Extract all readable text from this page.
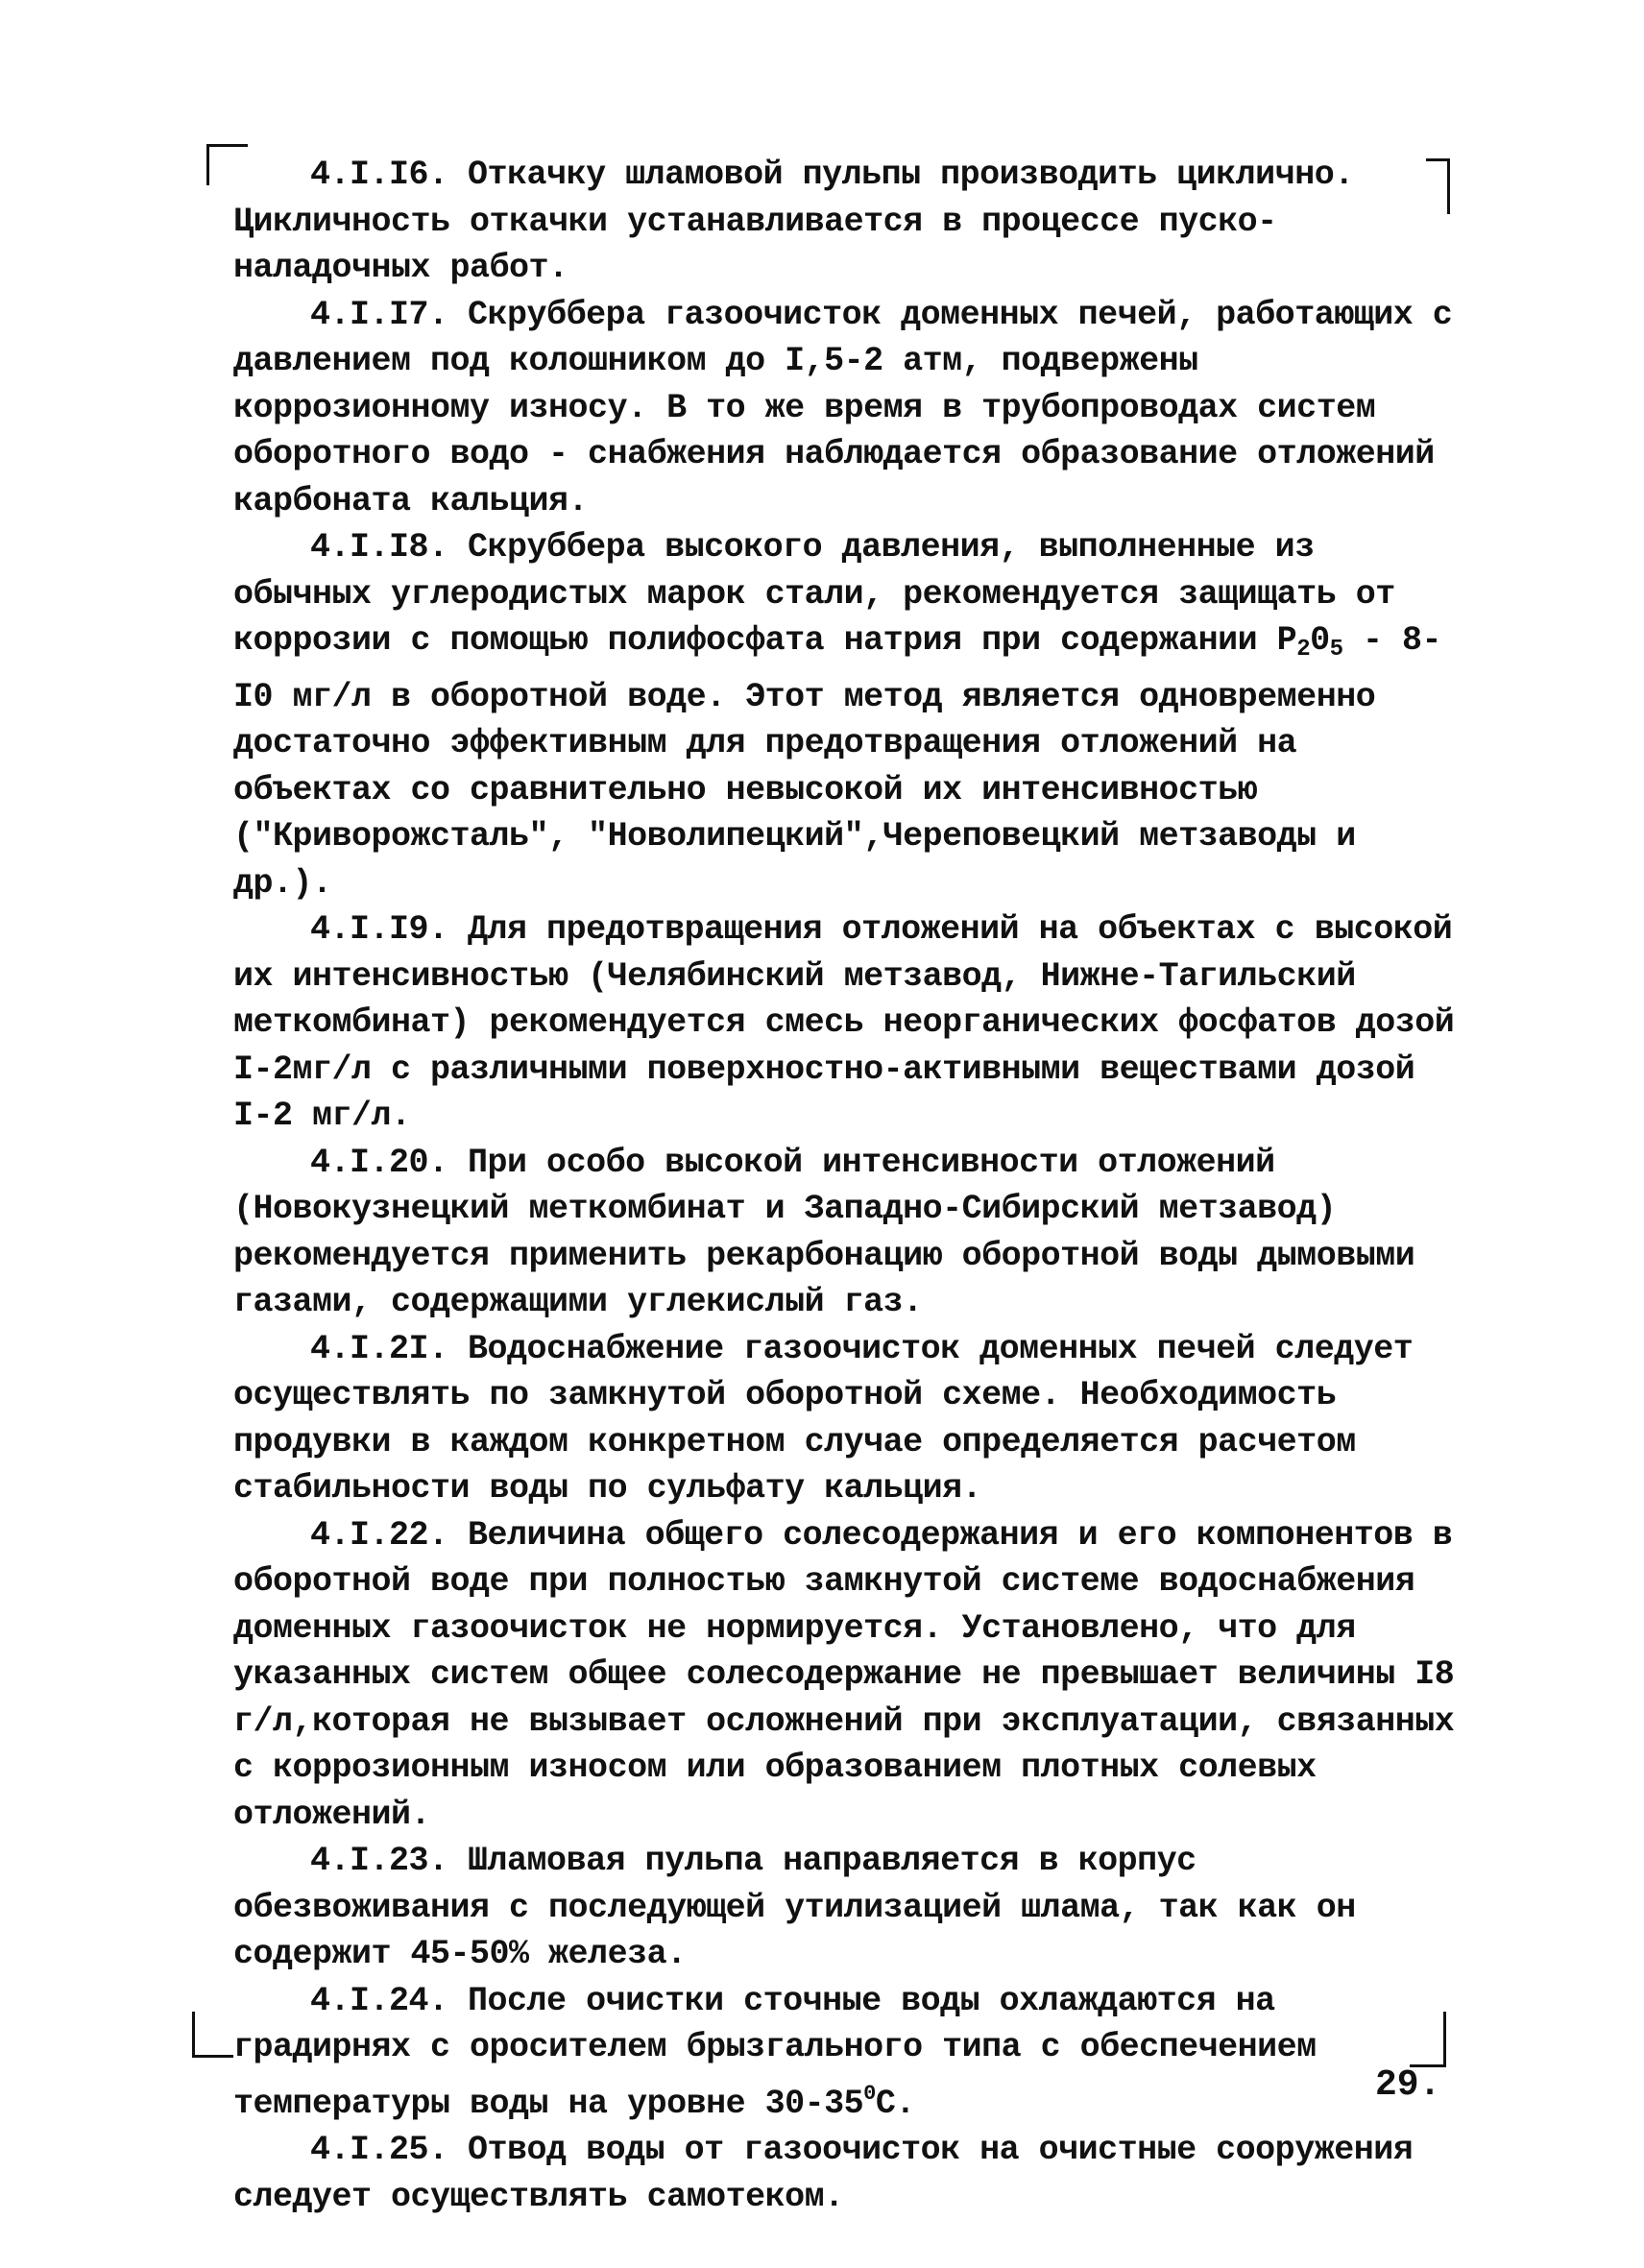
4.I.I6. Откачку шламовой пульпы производить циклично. Цикличность откачки устанавливается в процессе пуско-наладочных работ.

4.I.I7. Скруббера газоочисток доменных печей, работающих с давлением под колошником до I,5-2 атм, подвержены коррозионному износу. В то же время в трубопроводах систем оборотного водо - снабжения наблюдается образование отложений карбоната кальция.

4.I.I8. Скруббера высокого давления, выполненные из обычных углеродистых марок стали, рекомендуется защищать от коррозии с помощью полифосфата натрия при содержании $P_20_5 - 8-I0$ мг/л в оборотной воде. Этот метод является одновременно достаточно эффективным для предотвращения отложений на объектах со сравнительно невысокой их интенсивностью ("Криворожсталь", "Новолипецкий",Череповецкий метзаводы и др.).

4.I.I9. Для предотвращения отложений на объектах с высокой их интенсивностью (Челябинский метзавод, Нижне-Тагильский меткомбинат) рекомендуется смесь неорганических фосфатов дозой I-2мг/л с различными поверхностно-активными веществами дозой I-2 мг/л.

4.I.20. При особо высокой интенсивности отложений (Новокузнецкий меткомбинат и Западно-Сибирский метзавод) рекомендуется применить рекарбонацию оборотной воды дымовыми газами, содержащими углекислый газ.

4.I.2I. Водоснабжение газоочисток доменных печей следует осуществлять по замкнутой оборотной схеме. Необходимость продувки в каждом конкретном случае определяется расчетом стабильности воды по сульфату кальция.

4.I.22. Величина общего солесодержания и его компонентов в оборотной воде при полностью замкнутой системе водоснабжения доменных газоочисток не нормируется. Установлено, что для указанных систем общее солесодержание не превышает величины I8 г/л,которая не вызывает осложнений при эксплуатации, связанных с коррозионным износом или образованием плотных солевых отложений.

4.I.23. Шламовая пульпа направляется в корпус обезвоживания с последующей утилизацией шлама, так как он содержит 45-50% железа.

4.I.24. После очистки сточные воды охлаждаются на градирнях с оросителем брызгального типа с обеспечением температуры воды на уровне $30-35^0С$.

4.I.25. Отвод воды от газоочисток на очистные сооружения следует осуществлять самотеком.

29.
